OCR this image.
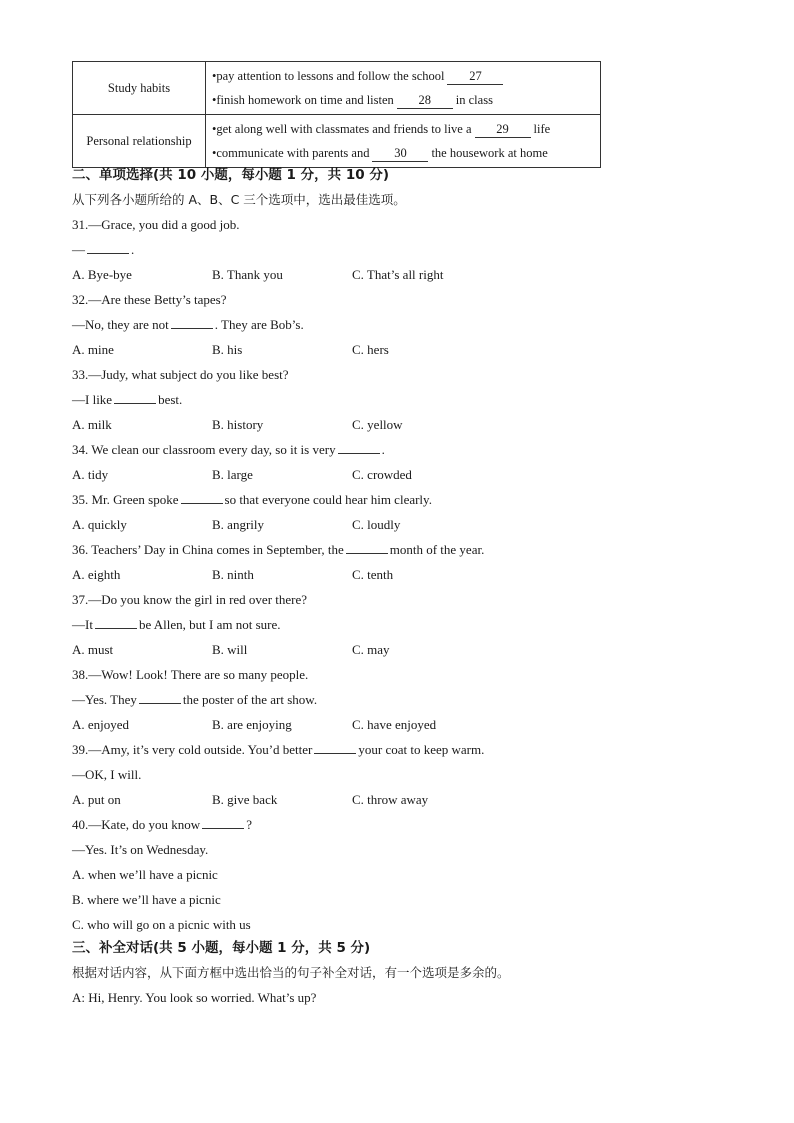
Study habits	•pay attention to lessons and follow the school 27
•finish homework on time and listen 28 in class

Personal relationship	•get along well with classmates and friends to live a 29 life
•communicate with parents and 30 the housework at home
二、单项选择(共 10 小题，每小题 1 分，共 10 分)
从下列各小题所给的 A、B、C 三个选项中，选出最佳选项。
31.—Grace, you did a good job.
—	.
A. Bye-bye	B. Thank you	C. That’s all right
32.—Are these Betty’s tapes?
—No, they are not	. They are Bob’s.
A. mine	B. his	C. hers
33.—Judy, what subject do you like best?
—I like	best.
A. milk	B. history	C. yellow
34. We clean our classroom every day, so it is very	.
A. tidy	B. large	C. crowded
35. Mr. Green spoke	so that everyone could hear him clearly.
A. quickly	B. angrily	C. loudly
36. Teachers’ Day in China comes in September, the	month of the year.
A. eighth	B. ninth	C. tenth
37.—Do you know the girl in red over there?
—It	be Allen, but I am not sure.
A. must	B. will	C. may
38.—Wow! Look! There are so many people.
—Yes. They	the poster of the art show.
A. enjoyed	B. are enjoying	C. have enjoyed
39.—Amy, it’s very cold outside. You’d better	your coat to keep warm.
—OK, I will.
A. put on	B. give back	C. throw away
40.—Kate, do you know	?
—Yes. It’s on Wednesday.
A. when we’ll have a picnic
B. where we’ll have a picnic
C. who will go on a picnic with us
三、补全对话(共 5 小题，每小题 1 分，共 5 分)
根据对话内容，从下面方框中选出恰当的句子补全对话，有一个选项是多余的。
A: Hi, Henry. You look so worried. What’s up?
